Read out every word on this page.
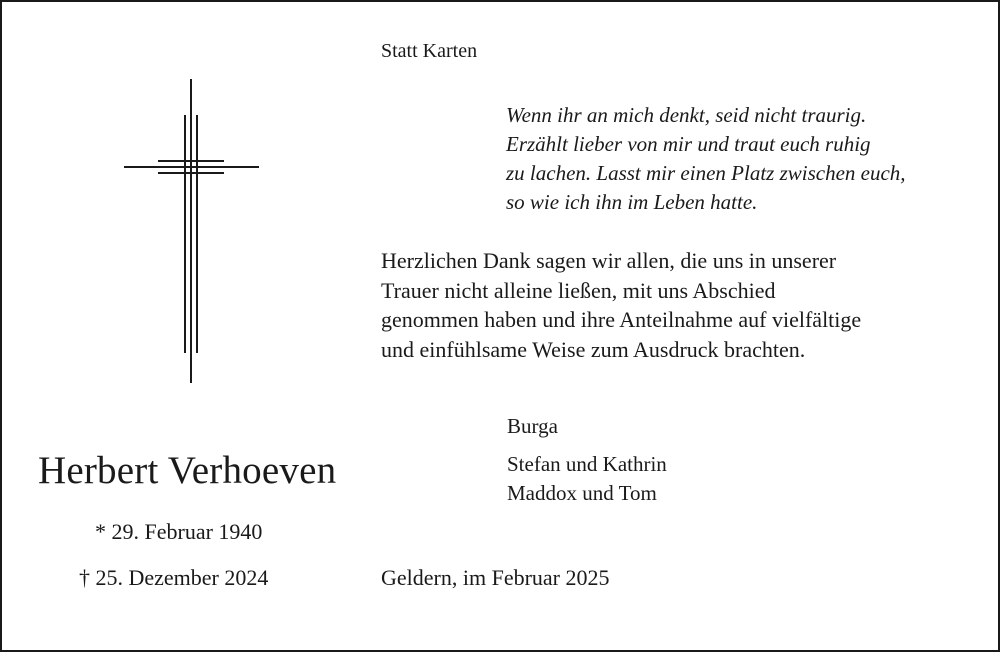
Herbert Verhoeven
* 29. Februar 1940
† 25. Dezember 2024
Statt Karten
Wenn ihr an mich denkt, seid nicht traurig.
Erzählt lieber von mir und traut euch ruhig
zu lachen. Lasst mir einen Platz zwischen euch,
so wie ich ihn im Leben hatte.
Herzlichen Dank sagen wir allen, die uns in unserer
Trauer nicht alleine ließen, mit uns Abschied
genommen haben und ihre Anteilnahme auf vielfältige
und einfühlsame Weise zum Ausdruck brachten.
Burga
Stefan und Kathrin
Maddox und Tom
Geldern, im Februar 2025
